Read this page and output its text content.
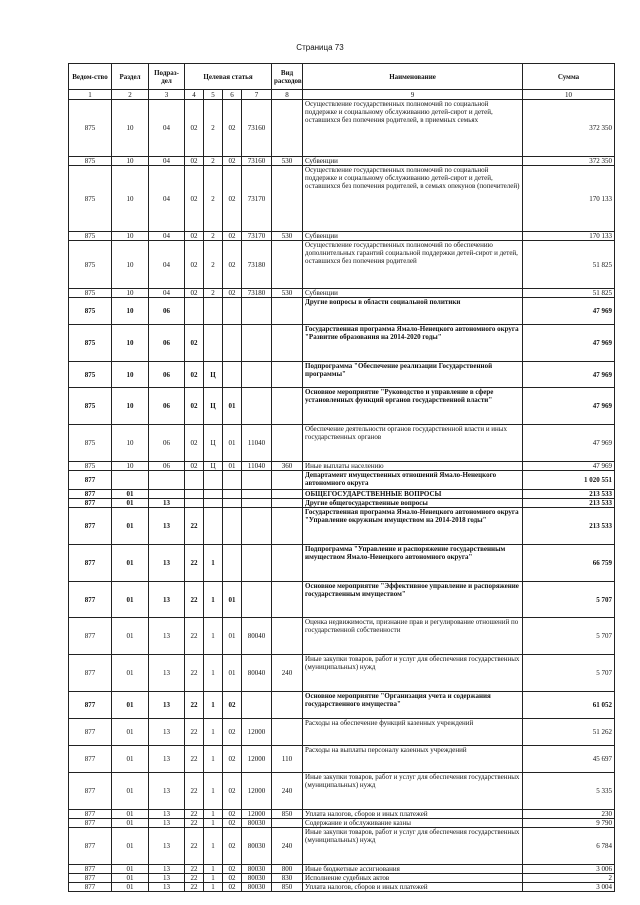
Страница 73
Ведом-ство	Раздел	Подраз-дел	Целевая статья				Вид расходов	Наименование	Сумма
1	2	3	4	5	6	7	8	9	10
875	10	04	02	2	02	73160		Осуществление государственных полномочий по социальной поддержке и социальному обслуживанию детей-сирот и детей, оставшихся без попечения родителей, в приемных семьях	372 350
875	10	04	02	2	02	73160	530	Субвенции	372 350
875	10	04	02	2	02	73170		Осуществление государственных полномочий по социальной поддержке и социальному обслуживанию детей-сирот и детей, оставшихся без попечения родителей, в семьях опекунов (попечителей)	170 133
875	10	04	02	2	02	73170	530	Субвенции	170 133
875	10	04	02	2	02	73180		Осуществление государственных полномочий по обеспечению дополнительных гарантий социальной поддержки детей-сирот и детей, оставшихся без попечения родителей	51 825
875	10	04	02	2	02	73180	530	Субвенции	51 825
875	10	06						Другие вопросы в области социальной политики	47 969
875	10	06	02					Государственная программа Ямало-Ненецкого автономного округа "Развитие образования на 2014-2020 годы"	47 969
875	10	06	02	Ц				Подпрограмма "Обеспечение реализации Государственной программы"	47 969
875	10	06	02	Ц	01			Основное мероприятие "Руководство и управление в сфере установленных функций органов государственной власти"	47 969
875	10	06	02	Ц	01	11040		Обеспечение деятельности органов государственной власти и иных государственных органов	47 969
875	10	06	02	Ц	01	11040	360	Иные выплаты населению	47 969
877								Департамент имущественных отношений Ямало-Ненецкого автономного округа	1 020 551
877	01							ОБЩЕГОСУДАРСТВЕННЫЕ ВОПРОСЫ	213 533
877	01	13						Другие общегосударственные вопросы	213 533
877	01	13	22					Государственная программа Ямало-Ненецкого автономного округа "Управление окружным имуществом на 2014-2018 годы"	213 533
877	01	13	22	1				Подпрограмма "Управление и распоряжение государственным имуществом Ямало-Ненецкого автономного округа"	66 759
877	01	13	22	1	01			Основное мероприятие "Эффективное управление и распоряжение государственным имуществом"	5 707
877	01	13	22	1	01	80040		Оценка недвижимости, признание прав и регулирование отношений по государственной собственности	5 707
877	01	13	22	1	01	80040	240	Иные закупки товаров, работ и услуг для обеспечения государственных (муниципальных) нужд	5 707
877	01	13	22	1	02			Основное мероприятие "Организация учета и содержания государственного имущества"	61 052
877	01	13	22	1	02	12000		Расходы на обеспечение функций казенных учреждений	51 262
877	01	13	22	1	02	12000	110	Расходы на выплаты персоналу казенных учреждений	45 697
877	01	13	22	1	02	12000	240	Иные закупки товаров, работ и услуг для обеспечения государственных (муниципальных) нужд	5 335
877	01	13	22	1	02	12000	850	Уплата налогов, сборов и иных платежей	230
877	01	13	22	1	02	80030		Содержание и обслуживание казны	9 790
877	01	13	22	1	02	80030	240	Иные закупки товаров, работ и услуг для обеспечения государственных (муниципальных) нужд	6 784
877	01	13	22	1	02	80030	800	Иные бюджетные ассигнования	3 006
877	01	13	22	1	02	80030	830	Исполнение судебных актов	2
877	01	13	22	1	02	80030	850	Уплата налогов, сборов и иных платежей	3 004
